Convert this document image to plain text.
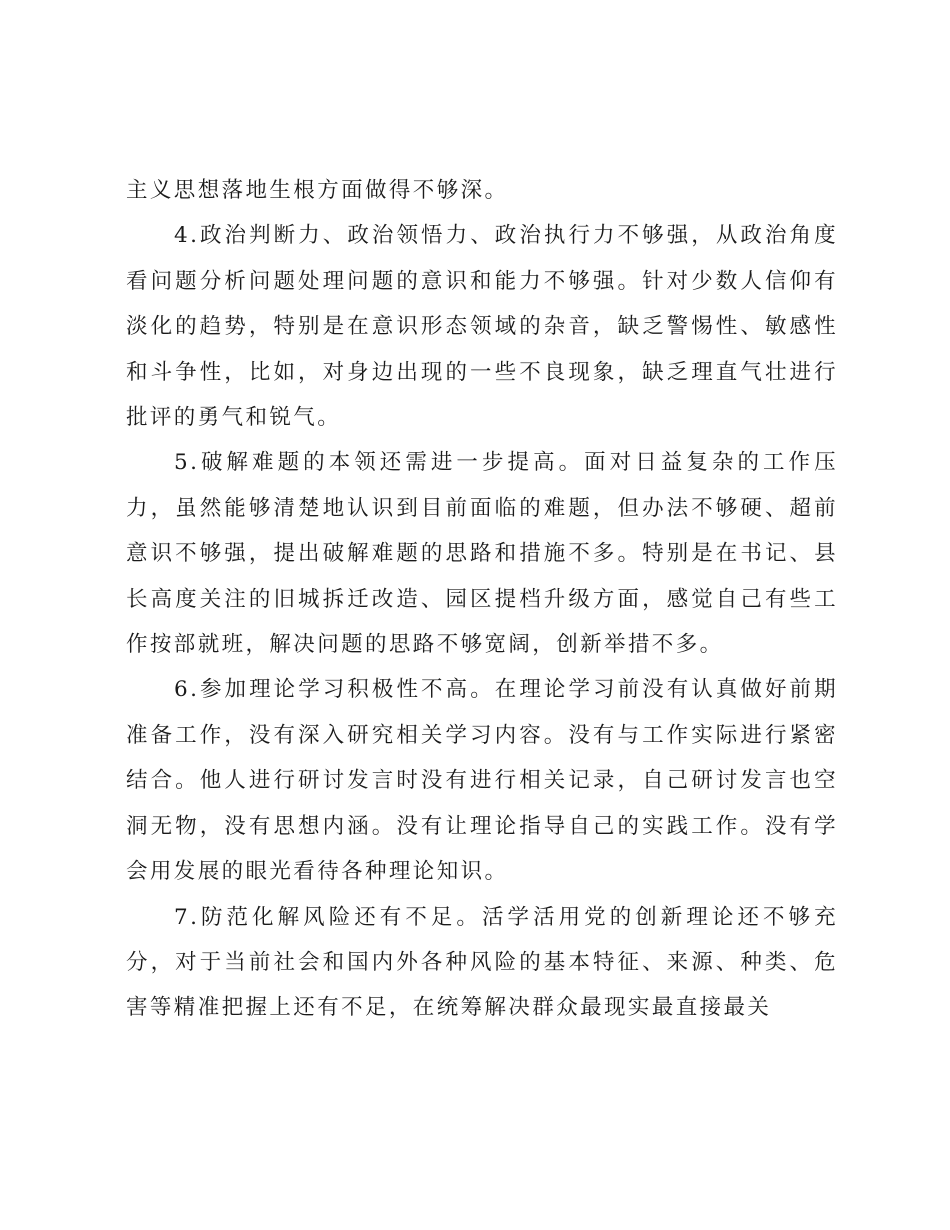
主义思想落地生根方面做得不够深。

4.政治判断力、政治领悟力、政治执行力不够强，从政治角度看问题分析问题处理问题的意识和能力不够强。针对少数人信仰有淡化的趋势，特别是在意识形态领域的杂音，缺乏警惕性、敏感性和斗争性，比如，对身边出现的一些不良现象，缺乏理直气壮进行批评的勇气和锐气。

5.破解难题的本领还需进一步提高。面对日益复杂的工作压力，虽然能够清楚地认识到目前面临的难题，但办法不够硬、超前意识不够强，提出破解难题的思路和措施不多。特别是在书记、县长高度关注的旧城拆迁改造、园区提档升级方面，感觉自己有些工作按部就班，解决问题的思路不够宽阔，创新举措不多。

6.参加理论学习积极性不高。在理论学习前没有认真做好前期准备工作，没有深入研究相关学习内容。没有与工作实际进行紧密结合。他人进行研讨发言时没有进行相关记录，自己研讨发言也空洞无物，没有思想内涵。没有让理论指导自己的实践工作。没有学会用发展的眼光看待各种理论知识。

7.防范化解风险还有不足。活学活用党的创新理论还不够充分，对于当前社会和国内外各种风险的基本特征、来源、种类、危害等精准把握上还有不足，在统筹解决群众最现实最直接最关
